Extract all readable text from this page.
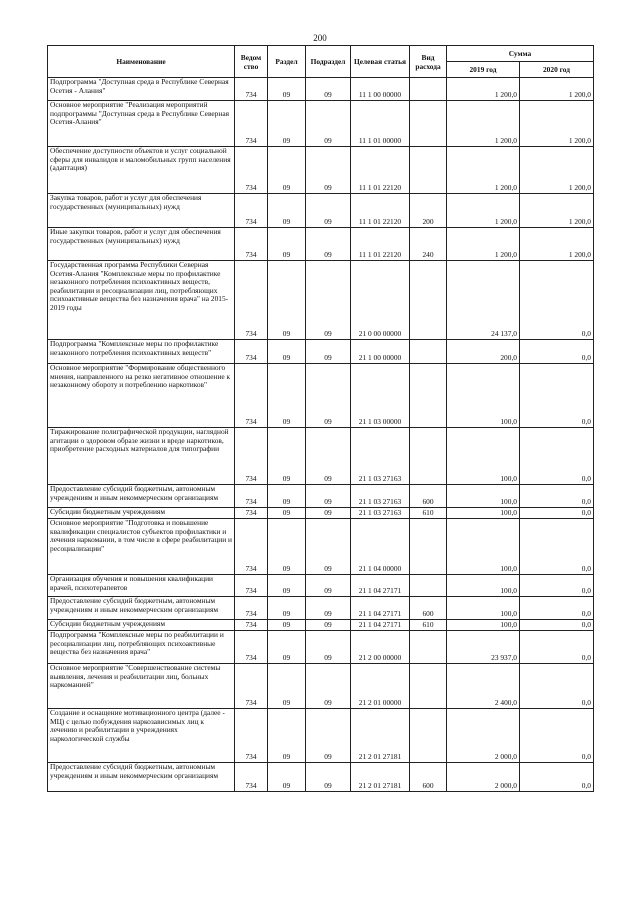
200
Наименование	Ведом ство	Раздел	Подраздел	Целевая статья	Вид расхода	Сумма	
						2019 год	2020 год
Подпрограмма "Доступная среда в Республике Северная Осетия - Алания"	734	09	09	11 1 00 00000		1 200,0	1 200,0
Основное мероприятие "Реализация мероприятий подпрограммы "Доступная среда в Республике Северная Осетия-Алания"	734	09	09	11 1 01 00000		1 200,0	1 200,0
Обеспечение доступности объектов и услуг социальной сферы для инвалидов и маломобильных групп населения (адаптация)	734	09	09	11 1 01 22120		1 200,0	1 200,0
Закупка товаров, работ и услуг для обеспечения государственных (муниципальных) нужд	734	09	09	11 1 01 22120	200	1 200,0	1 200,0
Иные закупки товаров, работ и услуг для обеспечения государственных (муниципальных) нужд	734	09	09	11 1 01 22120	240	1 200,0	1 200,0
Государственная программа Республики Северная Осетия-Алания "Комплексные меры по профилактике незаконного потребления психоактивных веществ, реабилитации и ресоциализации лиц, потребляющих психоактивные вещества без назначения врача" на 2015-2019 годы	734	09	09	21 0 00 00000		24 137,0	0,0
Подпрограмма "Комплексные меры по профилактике незаконного потребления психоактивных веществ"	734	09	09	21 1 00 00000		200,0	0,0
Основное мероприятие "Формирование общественного мнения, направленного на резко негативное отношение к незаконному обороту и потреблению наркотиков"	734	09	09	21 1 03 00000		100,0	0,0
Тиражирование полиграфической продукции, наглядной агитации о здоровом образе жизни и вреде наркотиков, приобретение расходных материалов для типографии	734	09	09	21 1 03 27163		100,0	0,0
Предоставление субсидий бюджетным, автономным учреждениям и иным некоммерческим организациям	734	09	09	21 1 03 27163	600	100,0	0,0
Субсидии бюджетным учреждениям	734	09	09	21 1 03 27163	610	100,0	0,0
Основное мероприятие "Подготовка и повышение квалификации специалистов субъектов профилактики и лечения наркомании, в том числе в сфере реабилитации и ресоциализации"	734	09	09	21 1 04 00000		100,0	0,0
Организация обучения и повышения квалификации врачей, психотерапевтов	734	09	09	21 1 04 27171		100,0	0,0
Предоставление субсидий бюджетным, автономным учреждениям и иным некоммерческим организациям	734	09	09	21 1 04 27171	600	100,0	0,0
Субсидии бюджетным учреждениям	734	09	09	21 1 04 27171	610	100,0	0,0
Подпрограмма "Комплексные меры по реабилитации и ресоциализации лиц, потребляющих психоактивные вещества без назначения врача"	734	09	09	21 2 00 00000		23 937,0	0,0
Основное мероприятие "Совершенствование системы выявления, лечения и реабилитации лиц, больных наркоманией"	734	09	09	21 2 01 00000		2 400,0	0,0
Создание и оснащение мотивационного центра (далее - МЦ) с целью побуждения наркозависимых лиц к лечению и реабилитации в учреждениях наркологической службы	734	09	09	21 2 01 27181		2 000,0	0,0
Предоставление субсидий бюджетным, автономным учреждениям и иным некоммерческим организациям	734	09	09	21 2 01 27181	600	2 000,0	0,0
